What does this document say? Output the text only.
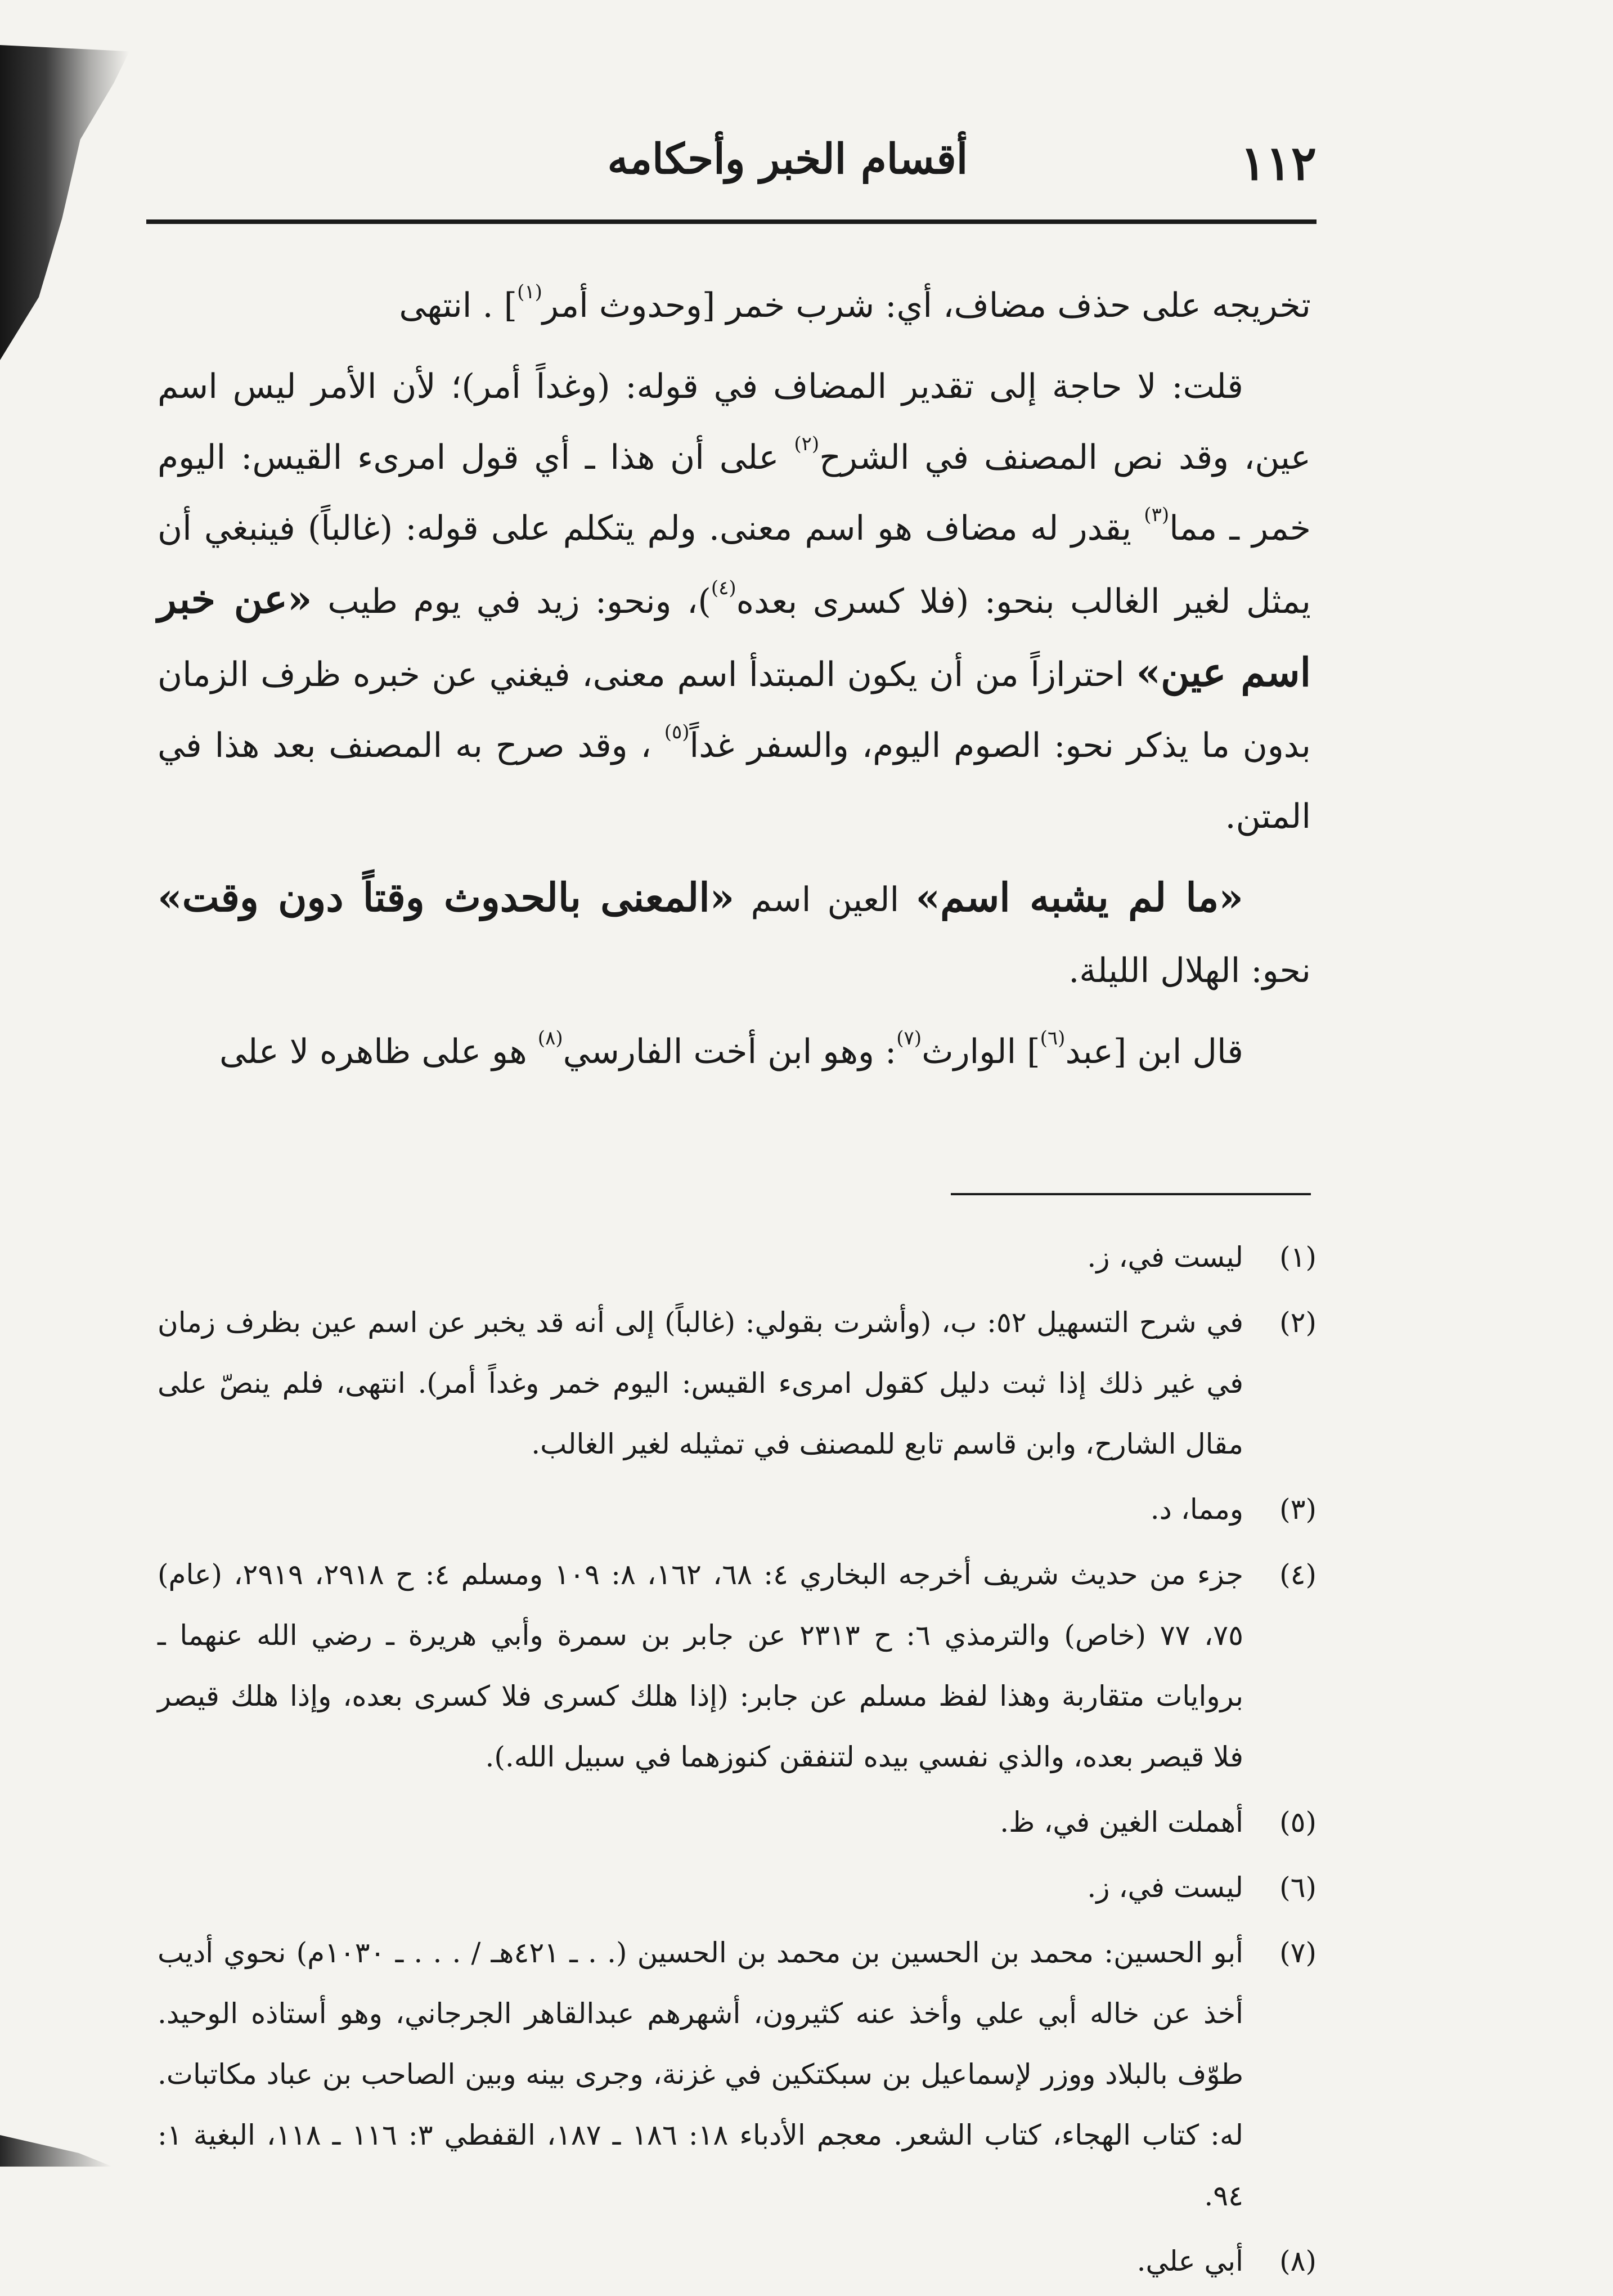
١١٢
أقسام الخبر وأحكامه

تخريجه على حذف مضاف، أي: شرب خمر [وحدوث أمر$^{(١)}$] . انتهى

قلت: لا حاجة إلى تقدير المضاف في قوله: (وغداً أمر)؛ لأن الأمر ليس اسم عين، وقد نص المصنف في الشرح$^{(٢)}$ على أن هذا ـ أي قول امرىء القيس: اليوم خمر ـ مما$^{(٣)}$ يقدر له مضاف هو اسم معنى. ولم يتكلم على قوله: (غالباً) فينبغي أن يمثل لغير الغالب بنحو: (فلا كسرى بعده$^{(٤)}$)، ونحو: زيد في يوم طيب «عن خبر اسم عين» احترازاً من أن يكون المبتدأ اسم معنى، فيغني عن خبره ظرف الزمان بدون ما يذكر نحو: الصوم اليوم، والسفر غداً$^{(٥)}$ ، وقد صرح به المصنف بعد هذا في المتن.

«ما لم يشبه اسم» العين اسم «المعنى بالحدوث وقتاً دون وقت» نحو: الهلال الليلة.

قال ابن [عبد$^{(٦)}$] الوارث$^{(٧)}$: وهو ابن أخت الفارسي$^{(٨)}$ هو على ظاهره لا على

(١)
ليست في، ز.
(٢)
في شرح التسهيل ٥٢: ب، (وأشرت بقولي: (غالباً) إلى أنه قد يخبر عن اسم عين بظرف زمان في غير ذلك إذا ثبت دليل كقول امرىء القيس: اليوم خمر وغداً أمر). انتهى، فلم ينصّ على مقال الشارح، وابن قاسم تابع للمصنف في تمثيله لغير الغالب.
(٣)
ومما، د.
(٤)
جزء من حديث شريف أخرجه البخاري ٤: ٦٨، ١٦٢، ٨: ١٠٩ ومسلم ٤: ح ٢٩١٨، ٢٩١٩، (عام) ٧٥، ٧٧ (خاص) والترمذي ٦: ح ٢٣١٣ عن جابر بن سمرة وأبي هريرة ـ رضي الله عنهما ـ بروايات متقاربة وهذا لفظ مسلم عن جابر: (إذا هلك كسرى فلا كسرى بعده، وإذا هلك قيصر فلا قيصر بعده، والذي نفسي بيده لتنفقن كنوزهما في سبيل الله.).
(٥)
أهملت الغين في، ظ.
(٦)
ليست في، ز.
(٧)
أبو الحسين: محمد بن الحسين بن محمد بن الحسين (. . ـ ٤٢١هـ / . . . ـ ١٠٣٠م) نحوي أديب أخذ عن خاله أبي علي وأخذ عنه كثيرون، أشهرهم عبدالقاهر الجرجاني، وهو أستاذه الوحيد. طوّف بالبلاد ووزر لإسماعيل بن سبكتكين في غزنة، وجرى بينه وبين الصاحب بن عباد مكاتبات. له: كتاب الهجاء، كتاب الشعر. معجم الأدباء ١٨: ١٨٦ ـ ١٨٧، القفطي ٣: ١١٦ ـ ١١٨، البغية ١: ٩٤.
(٨)
أبي علي.
